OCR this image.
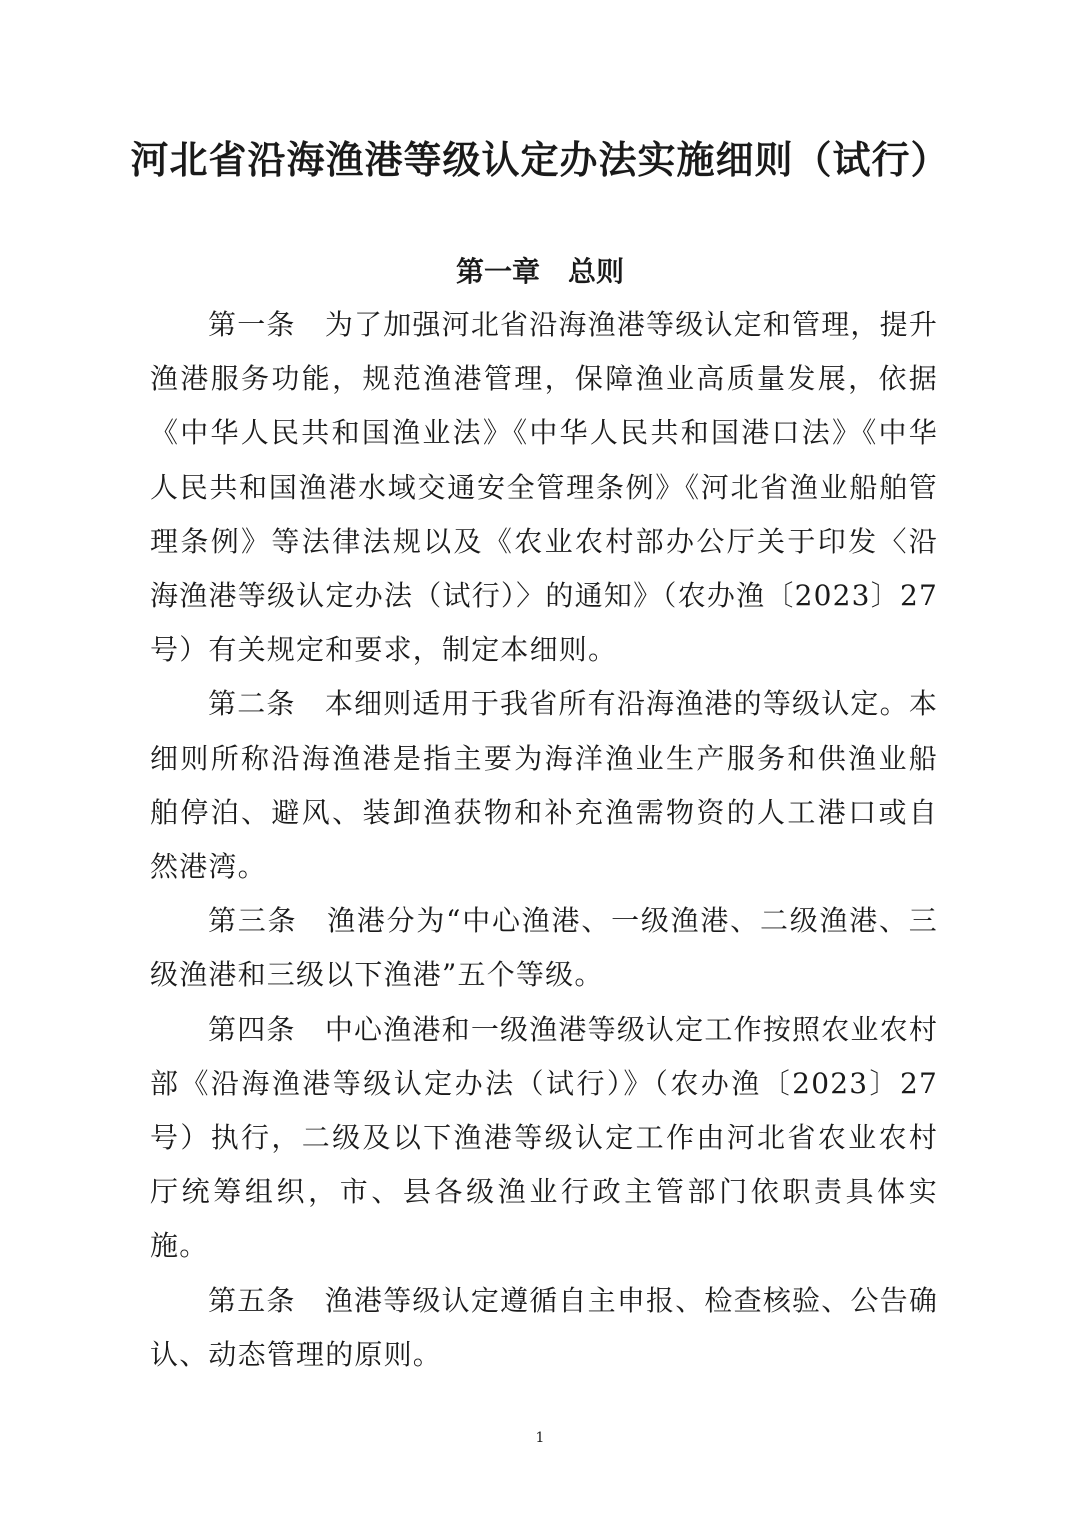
河北省沿海渔港等级认定办法实施细则（试行）
第一章　总则

第一条　 为了加强河北省沿海渔港等级认定和管理，提升渔港服务功能，规范渔港管理，保障渔业高质量发展，依据《中华人民共和国渔业法》《中华人民共和国港口法》《中华人民共和国渔港水域交通安全管理条例》《河北省渔业船舶管理条例》等法律法规以及《农业农村部办公厅关于印发〈沿海渔港等级认定办法（试行）〉的通知》（农办渔〔2023〕27号）有关规定和要求，制定本细则。

第二条　 本细则适用于我省所有沿海渔港的等级认定。本细则所称沿海渔港是指主要为海洋渔业生产服务和供渔业船舶停泊、避风、装卸渔获物和补充渔需物资的人工港口或自然港湾。

第三条　 渔港分为“中心渔港、一级渔港、二级渔港、三级渔港和三级以下渔港”五个等级。

第四条　 中心渔港和一级渔港等级认定工作按照农业农村部《沿海渔港等级认定办法（试行）》（农办渔〔2023〕27号）执行，二级及以下渔港等级认定工作由河北省农业农村厅统筹组织，市、县各级渔业行政主管部门依职责具体实施。

第五条　 渔港等级认定遵循自主申报、检查核验、公告确认、动态管理的原则。

1
